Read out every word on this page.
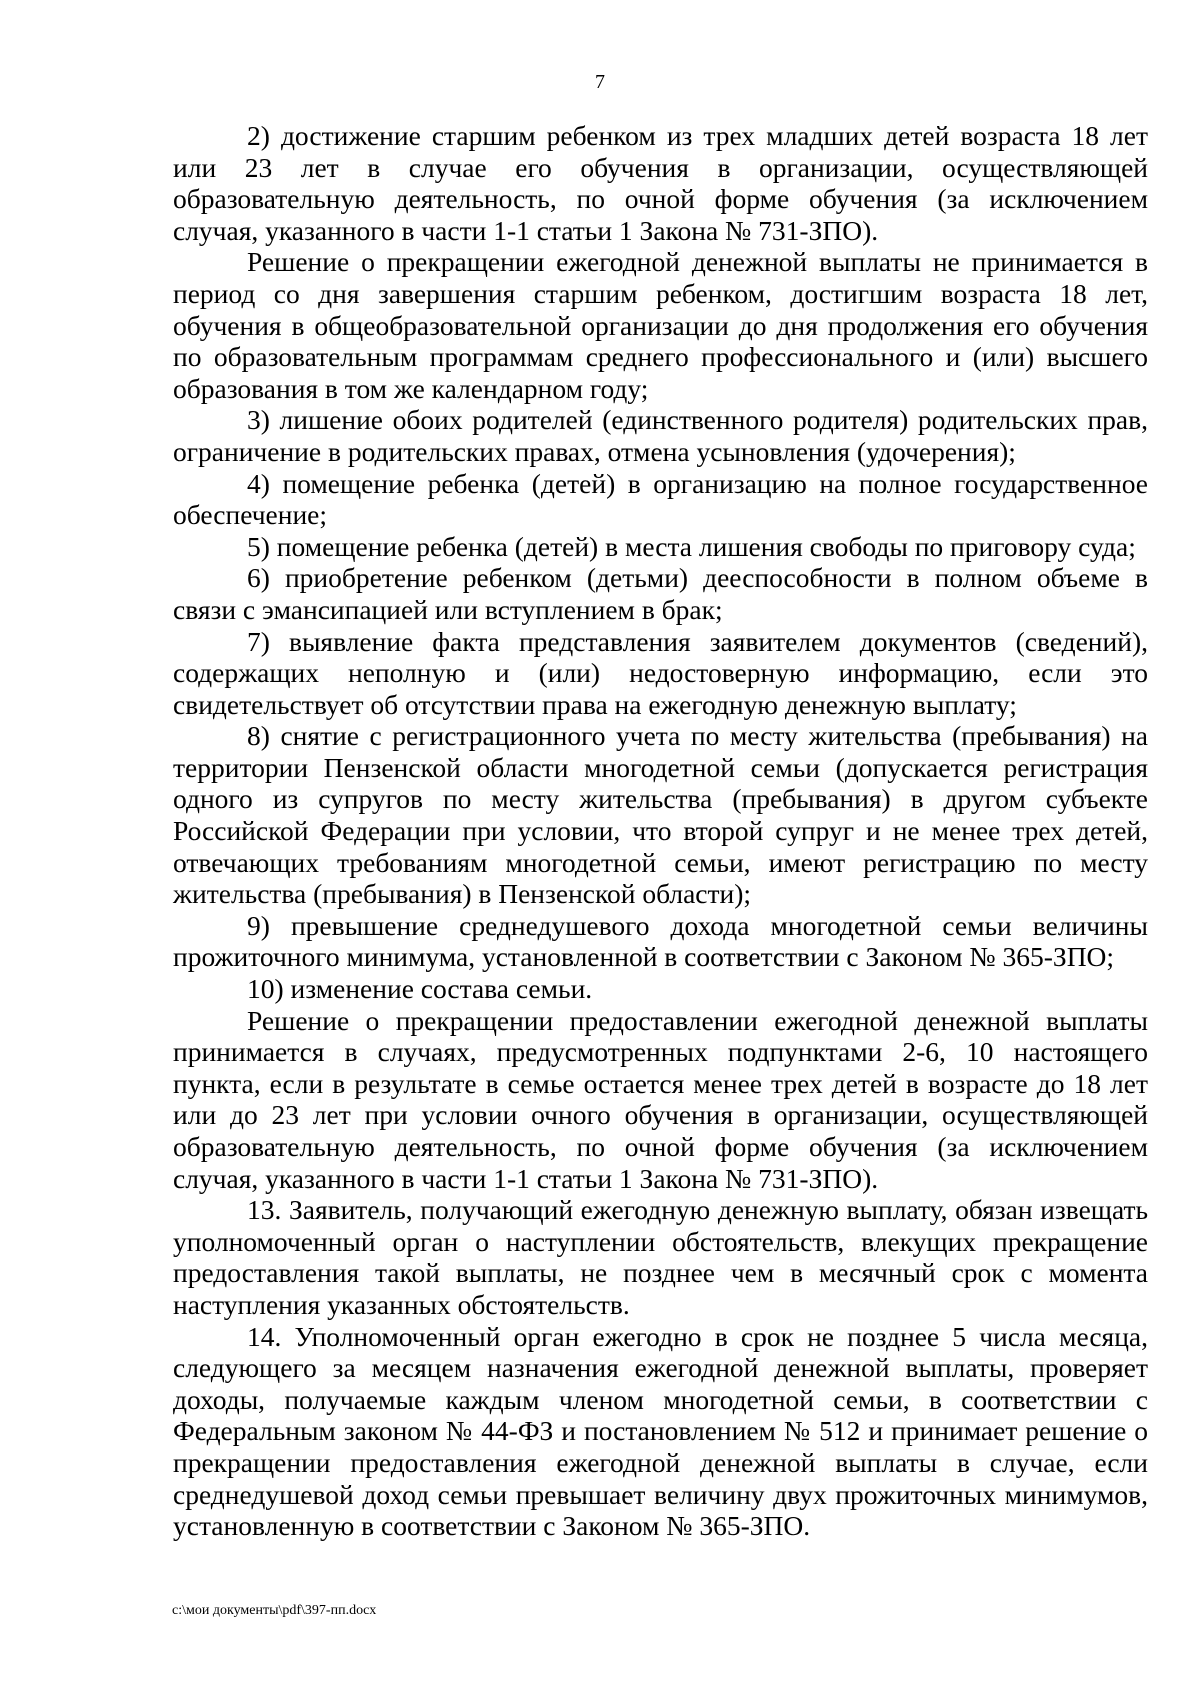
7

2) достижение старшим ребенком из трех младших детей возраста 18 лет или 23 лет в случае его обучения в организации, осуществляющей образовательную деятельность, по очной форме обучения (за исключением случая, указанного в части 1-1 статьи 1 Закона № 731-ЗПО).

Решение о прекращении ежегодной денежной выплаты не принимается в период со дня завершения старшим ребенком, достигшим возраста 18 лет, обучения в общеобразовательной организации до дня продолжения его обучения по образовательным программам среднего профессионального и (или) высшего образования в том же календарном году;

3) лишение обоих родителей (единственного родителя) родительских прав, ограничение в родительских правах, отмена усыновления (удочерения);

4) помещение ребенка (детей) в организацию на полное государственное обеспечение;

5) помещение ребенка (детей) в места лишения свободы по приговору суда;

6) приобретение ребенком (детьми) дееспособности в полном объеме в связи с эмансипацией или вступлением в брак;

7) выявление факта представления заявителем документов (сведений), содержащих неполную и (или) недостоверную информацию, если это свидетельствует об отсутствии права на ежегодную денежную выплату;

8) снятие с регистрационного учета по месту жительства (пребывания) на территории Пензенской области многодетной семьи (допускается регистрация одного из супругов по месту жительства (пребывания) в другом субъекте Российской Федерации при условии, что второй супруг и не менее трех детей, отвечающих требованиям многодетной семьи, имеют регистрацию по месту жительства (пребывания) в Пензенской области);

9) превышение среднедушевого дохода многодетной семьи величины прожиточного минимума, установленной в соответствии с Законом № 365-ЗПО;

10) изменение состава семьи.

Решение о прекращении предоставлении ежегодной денежной выплаты принимается в случаях, предусмотренных подпунктами 2-6, 10 настоящего пункта, если в результате в семье остается менее трех детей в возрасте до 18 лет или до 23 лет при условии очного обучения в организации, осуществляющей образовательную деятельность, по очной форме обучения (за исключением случая, указанного в части 1-1 статьи 1 Закона № 731-ЗПО).

13. Заявитель, получающий ежегодную денежную выплату, обязан извещать уполномоченный орган о наступлении обстоятельств, влекущих прекращение предоставления такой выплаты, не позднее чем в месячный срок с момента наступления указанных обстоятельств.

14. Уполномоченный орган ежегодно в срок не позднее 5 числа месяца, следующего за месяцем назначения ежегодной денежной выплаты, проверяет доходы, получаемые каждым членом многодетной семьи, в соответствии с Федеральным законом № 44-ФЗ и постановлением № 512 и принимает решение о прекращении предоставления ежегодной денежной выплаты в случае, если среднедушевой доход семьи превышает величину двух прожиточных минимумов, установленную в соответствии с Законом № 365-ЗПО.

c:\мои документы\pdf\397-пп.docx
